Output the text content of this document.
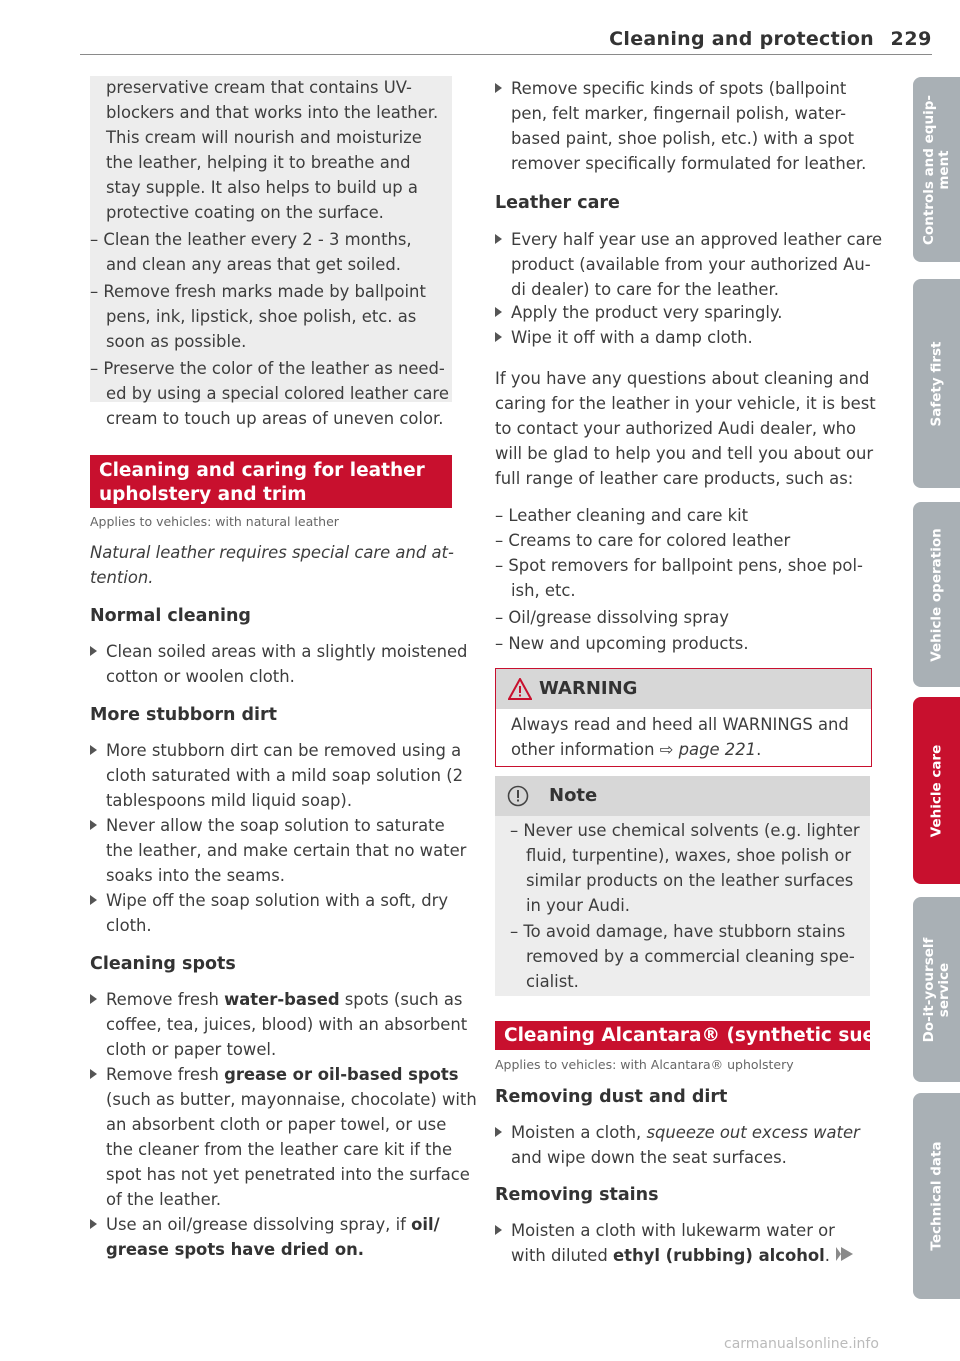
Cleaning and protection 229
preservative cream that contains UV-
blockers and that works into the leather.
This cream will nourish and moisturize
the leather, helping it to breathe and
stay supple. It also helps to build up a
protective coating on the surface.
– Clean the leather every 2 - 3 months,
and clean any areas that get soiled.
– Remove fresh marks made by ballpoint
pens, ink, lipstick, shoe polish, etc. as
soon as possible.
– Preserve the color of the leather as need-
ed by using a special colored leather care
cream to touch up areas of uneven color.
Cleaning and caring for leather
upholstery and trim
Applies to vehicles: with natural leather
Natural leather requires special care and at-
tention.
Normal cleaning
Clean soiled areas with a slightly moistened
cotton or woolen cloth.
More stubborn dirt
More stubborn dirt can be removed using a
cloth saturated with a mild soap solution (2
tablespoons mild liquid soap).
Never allow the soap solution to saturate
the leather, and make certain that no water
soaks into the seams.
Wipe off the soap solution with a soft, dry
cloth.
Cleaning spots
Remove fresh water-based spots (such as
coffee, tea, juices, blood) with an absorbent
cloth or paper towel.
Remove fresh grease or oil-based spots
(such as butter, mayonnaise, chocolate) with
an absorbent cloth or paper towel, or use
the cleaner from the leather care kit if the
spot has not yet penetrated into the surface
of the leather.
Use an oil/grease dissolving spray, if oil/
grease spots have dried on.
Remove specific kinds of spots (ballpoint
pen, felt marker, fingernail polish, water-
based paint, shoe polish, etc.) with a spot
remover specifically formulated for leather.
Leather care
Every half year use an approved leather care
product (available from your authorized Au-
di dealer) to care for the leather.
Apply the product very sparingly.
Wipe it off with a damp cloth.
If you have any questions about cleaning and
caring for the leather in your vehicle, it is best
to contact your authorized Audi dealer, who
will be glad to help you and tell you about our
full range of leather care products, such as:
– Leather cleaning and care kit
– Creams to care for colored leather
– Spot removers for ballpoint pens, shoe pol-
ish, etc.
– Oil/grease dissolving spray
– New and upcoming products.
WARNING
Always read and heed all WARNINGS and
other information ⇨ page 221.
Note
– Never use chemical solvents (e.g. lighter
fluid, turpentine), waxes, shoe polish or
similar products on the leather surfaces
in your Audi.
– To avoid damage, have stubborn stains
removed by a commercial cleaning spe-
cialist.
Cleaning Alcantara® (synthetic suede)
Applies to vehicles: with Alcantara® upholstery
Removing dust and dirt
Moisten a cloth, squeeze out excess water
and wipe down the seat surfaces.
Removing stains
Moisten a cloth with lukewarm water or
with diluted ethyl (rubbing) alcohol.
Controls and equip- ment
Safety first
Vehicle operation
Vehicle care
Do-it-yourself service
Technical data
carmanualsonline.info
